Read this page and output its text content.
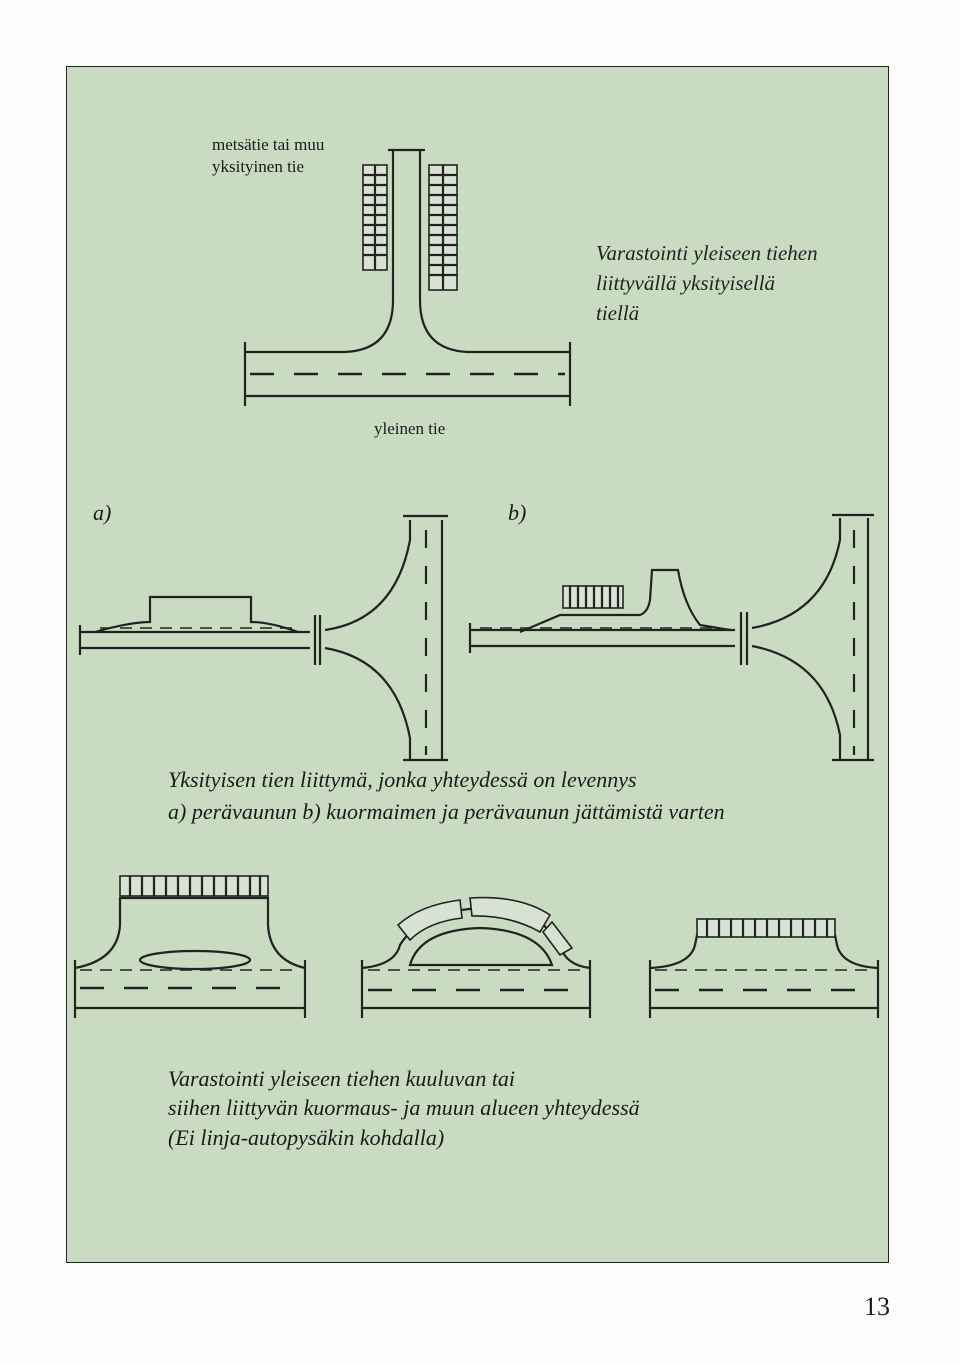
metsätie tai muu
yksityinen tie
Varastointi yleiseen tiehen
liittyvällä yksityisellä
tiellä
yleinen tie
a)	b)
Yksityisen tien liittymä, jonka yhteydessä on levennys
a) perävaunun b) kuormaimen ja perävaunun jättämistä varten
Varastointi yleiseen tiehen kuuluvan tai
siihen liittyvän kuormaus- ja muun alueen yhteydessä
(Ei linja-autopysäkin kohdalla)
13
